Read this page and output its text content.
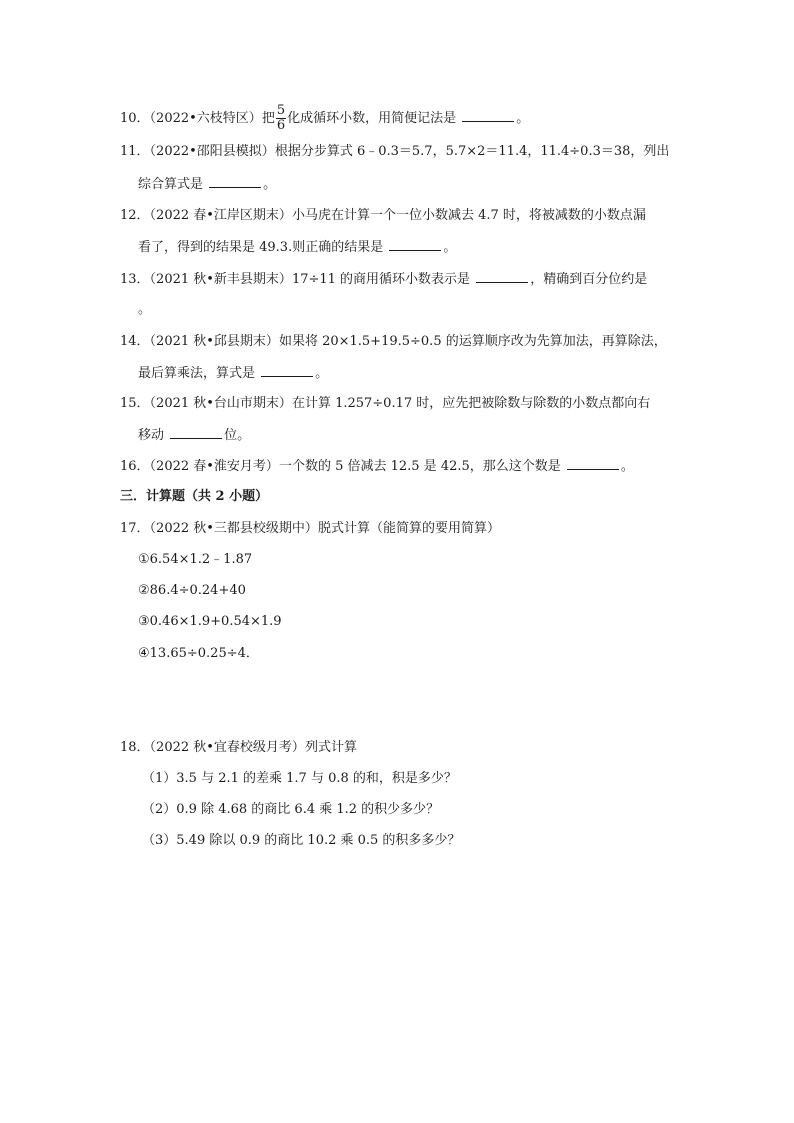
10．（2022•六枝特区）把 $\frac{5}{6}$ 化成循环小数，用简便记法是	。
11．（2022•邵阳县模拟）根据分步算式 6﹣0.3＝5.7，5.7×2＝11.4，11.4÷0.3＝38，列出
综合算式是	。
12．（2022 春•江岸区期末）小马虎在计算一个一位小数减去 4.7 时，将被减数的小数点漏
看了，得到的结果是 49.3.则正确的结果是	。
13．（2021 秋•新丰县期末）17÷11 的商用循环小数表示是	，精确到百分位约是
。
14．（2021 秋•邱县期末）如果将 20×1.5+19.5÷0.5 的运算顺序改为先算加法，再算除法，
最后算乘法，算式是	。
15．（2021 秋•台山市期末）在计算 1.257÷0.17 时，应先把被除数与除数的小数点都向右
移动	位。
16．（2022 春•淮安月考）一个数的 5 倍减去 12.5 是 42.5，那么这个数是	。
三．计算题（共 2 小题）
17．（2022 秋•三都县校级期中）脱式计算（能简算的要用简算）
①6.54×1.2﹣1.87
②86.4÷0.24+40
③0.46×1.9+0.54×1.9
④13.65÷0.25÷4．
18．（2022 秋•宜春校级月考）列式计算
（1）3.5 与 2.1 的差乘 1.7 与 0.8 的和，积是多少？
（2）0.9 除 4.68 的商比 6.4 乘 1.2 的积少多少？
（3）5.49 除以 0.9 的商比 10.2 乘 0.5 的积多多少？
